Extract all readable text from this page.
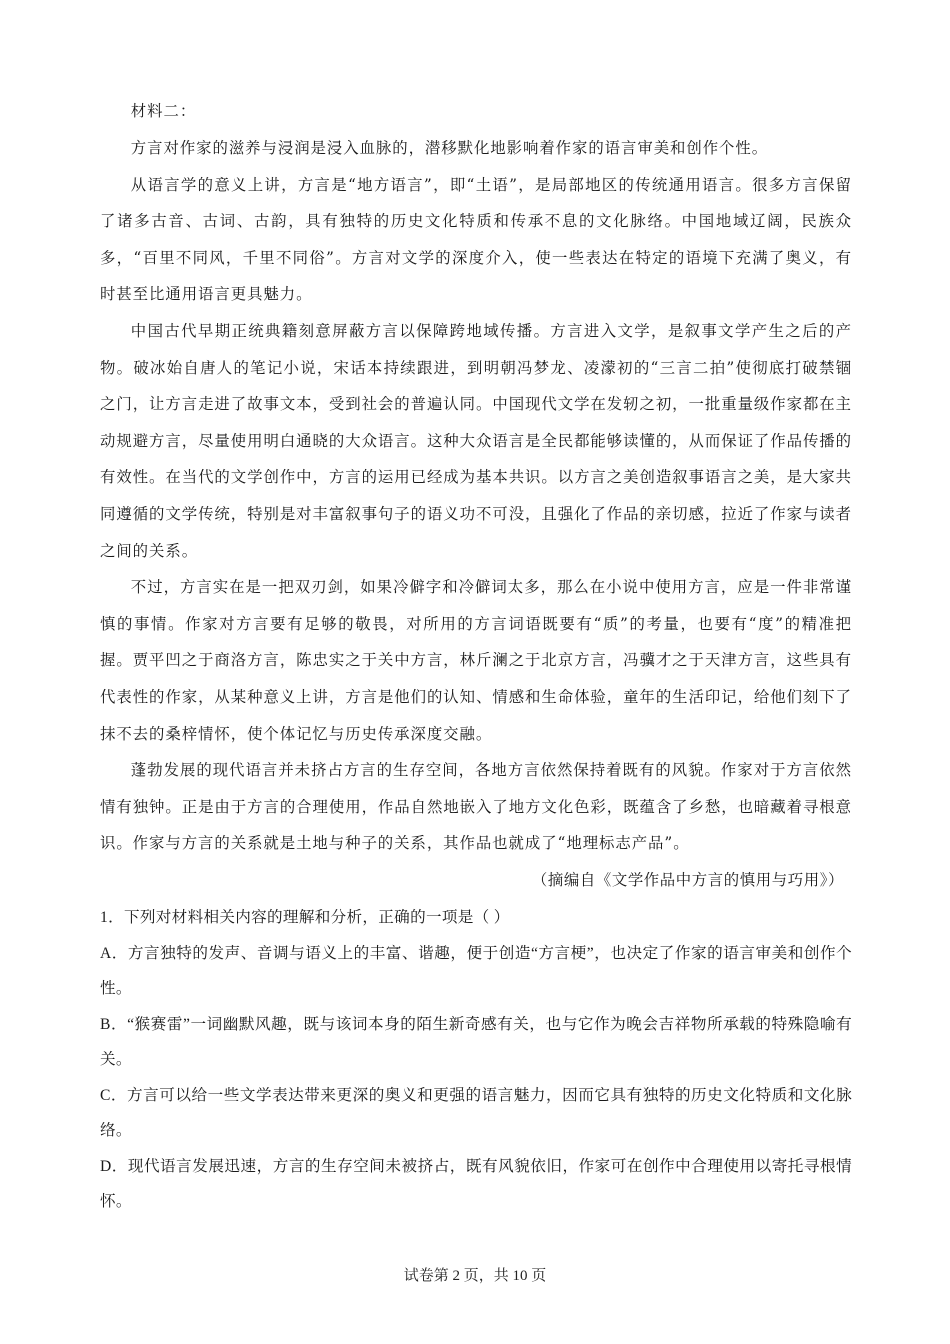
材料二：

方言对作家的滋养与浸润是浸入血脉的，潜移默化地影响着作家的语言审美和创作个性。

从语言学的意义上讲，方言是“地方语言”，即“土语”，是局部地区的传统通用语言。很多方言保留了诸多古音、古词、古韵，具有独特的历史文化特质和传承不息的文化脉络。中国地域辽阔，民族众多，“百里不同风，千里不同俗”。方言对文学的深度介入，使一些表达在特定的语境下充满了奥义，有时甚至比通用语言更具魅力。

中国古代早期正统典籍刻意屏蔽方言以保障跨地域传播。方言进入文学，是叙事文学产生之后的产物。破冰始自唐人的笔记小说，宋话本持续跟进，到明朝冯梦龙、凌濛初的“三言二拍”使彻底打破禁锢之门，让方言走进了故事文本，受到社会的普遍认同。中国现代文学在发轫之初，一批重量级作家都在主动规避方言，尽量使用明白通晓的大众语言。这种大众语言是全民都能够读懂的，从而保证了作品传播的有效性。在当代的文学创作中，方言的运用已经成为基本共识。以方言之美创造叙事语言之美，是大家共同遵循的文学传统，特别是对丰富叙事句子的语义功不可没，且强化了作品的亲切感，拉近了作家与读者之间的关系。

不过，方言实在是一把双刃剑，如果冷僻字和冷僻词太多，那么在小说中使用方言，应是一件非常谨慎的事情。作家对方言要有足够的敬畏，对所用的方言词语既要有“质”的考量，也要有“度”的精准把握。贾平凹之于商洛方言，陈忠实之于关中方言，林斤澜之于北京方言，冯骥才之于天津方言，这些具有代表性的作家，从某种意义上讲，方言是他们的认知、情感和生命体验，童年的生活印记，给他们刻下了抹不去的桑梓情怀，使个体记忆与历史传承深度交融。

蓬勃发展的现代语言并未挤占方言的生存空间，各地方言依然保持着既有的风貌。作家对于方言依然情有独钟。正是由于方言的合理使用，作品自然地嵌入了地方文化色彩，既蕴含了乡愁，也暗藏着寻根意识。作家与方言的关系就是土地与种子的关系，其作品也就成了“地理标志产品”。

（摘编自《文学作品中方言的慎用与巧用》）

1．下列对材料相关内容的理解和分析，正确的一项是（ ）

A．方言独特的发声、音调与语义上的丰富、谐趣，便于创造“方言梗”，也决定了作家的语言审美和创作个性。

B．“猴赛雷”一词幽默风趣，既与该词本身的陌生新奇感有关，也与它作为晚会吉祥物所承载的特殊隐喻有关。

C．方言可以给一些文学表达带来更深的奥义和更强的语言魅力，因而它具有独特的历史文化特质和文化脉络。

D．现代语言发展迅速，方言的生存空间未被挤占，既有风貌依旧，作家可在创作中合理使用以寄托寻根情怀。

试卷第 2 页，共 10 页
